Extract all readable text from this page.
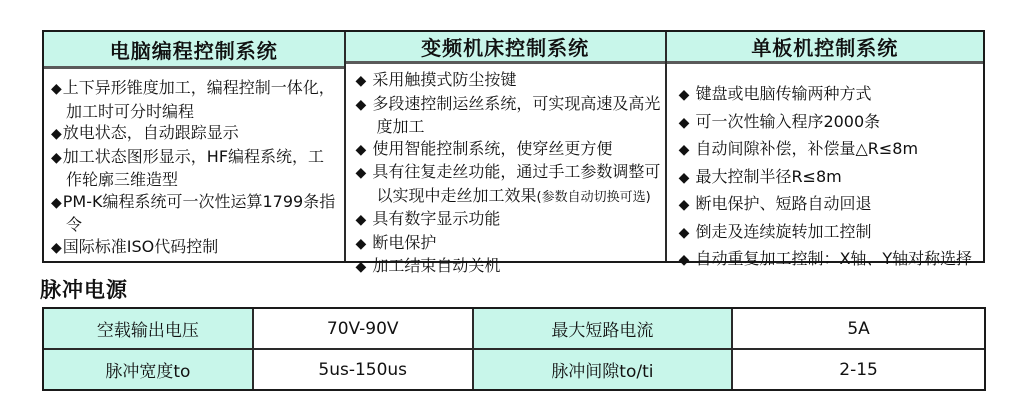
电脑编程控制系统
◆上下异形锥度加工，编程控制一体化， 加工时可分时编程
◆放电状态，自动跟踪显示
◆加工状态图形显示，HF编程系统，工作轮廓三维造型
◆PM-K编程系统可一次性运算1799条指令
◆国际标准ISO代码控制
变频机床控制系统
◆ 采用触摸式防尘按键
◆ 多段速控制运丝系统，可实现高速及高光度加工
◆ 使用智能控制系统，使穿丝更方便
◆ 具有往复走丝功能，通过手工参数调整可以实现中走丝加工效果(参数自动切换可选)
◆ 具有数字显示功能
◆ 断电保护
◆ 加工结束自动关机
单板机控制系统
◆ 键盘或电脑传输两种方式
◆ 可一次性输入程序2000条
◆ 自动间隙补偿，补偿量△R≤8m
◆ 最大控制半径R≤8m
◆ 断电保护、短路自动回退
◆ 倒走及连续旋转加工控制
◆ 自动重复加工控制：X轴、Y轴对称选择
脉冲电源
空载输出电压	70V-90V	最大短路电流	5A
脉冲宽度to	5us-150us	脉冲间隙to/ti	2-15
